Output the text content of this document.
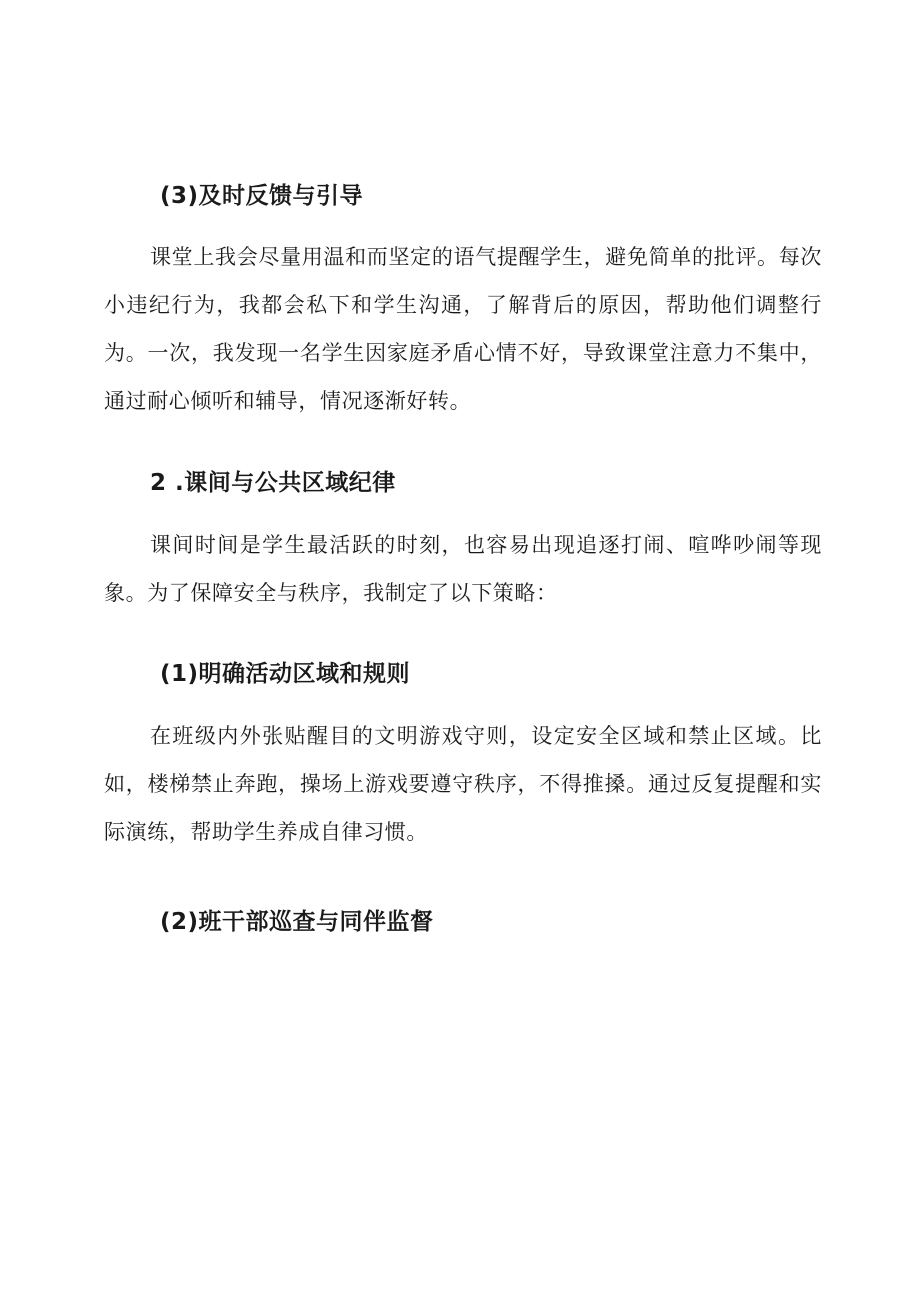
(3)及时反馈与引导
课堂上我会尽量用温和而坚定的语气提醒学生，避免简单的批评。每次小违纪行为，我都会私下和学生沟通，了解背后的原因，帮助他们调整行为。一次，我发现一名学生因家庭矛盾心情不好，导致课堂注意力不集中，通过耐心倾听和辅导，情况逐渐好转。
2 .课间与公共区域纪律
课间时间是学生最活跃的时刻，也容易出现追逐打闹、喧哗吵闹等现象。为了保障安全与秩序，我制定了以下策略：
(1)明确活动区域和规则
在班级内外张贴醒目的文明游戏守则，设定安全区域和禁止区域。比如，楼梯禁止奔跑，操场上游戏要遵守秩序，不得推搡。通过反复提醒和实际演练，帮助学生养成自律习惯。
(2)班干部巡查与同伴监督
